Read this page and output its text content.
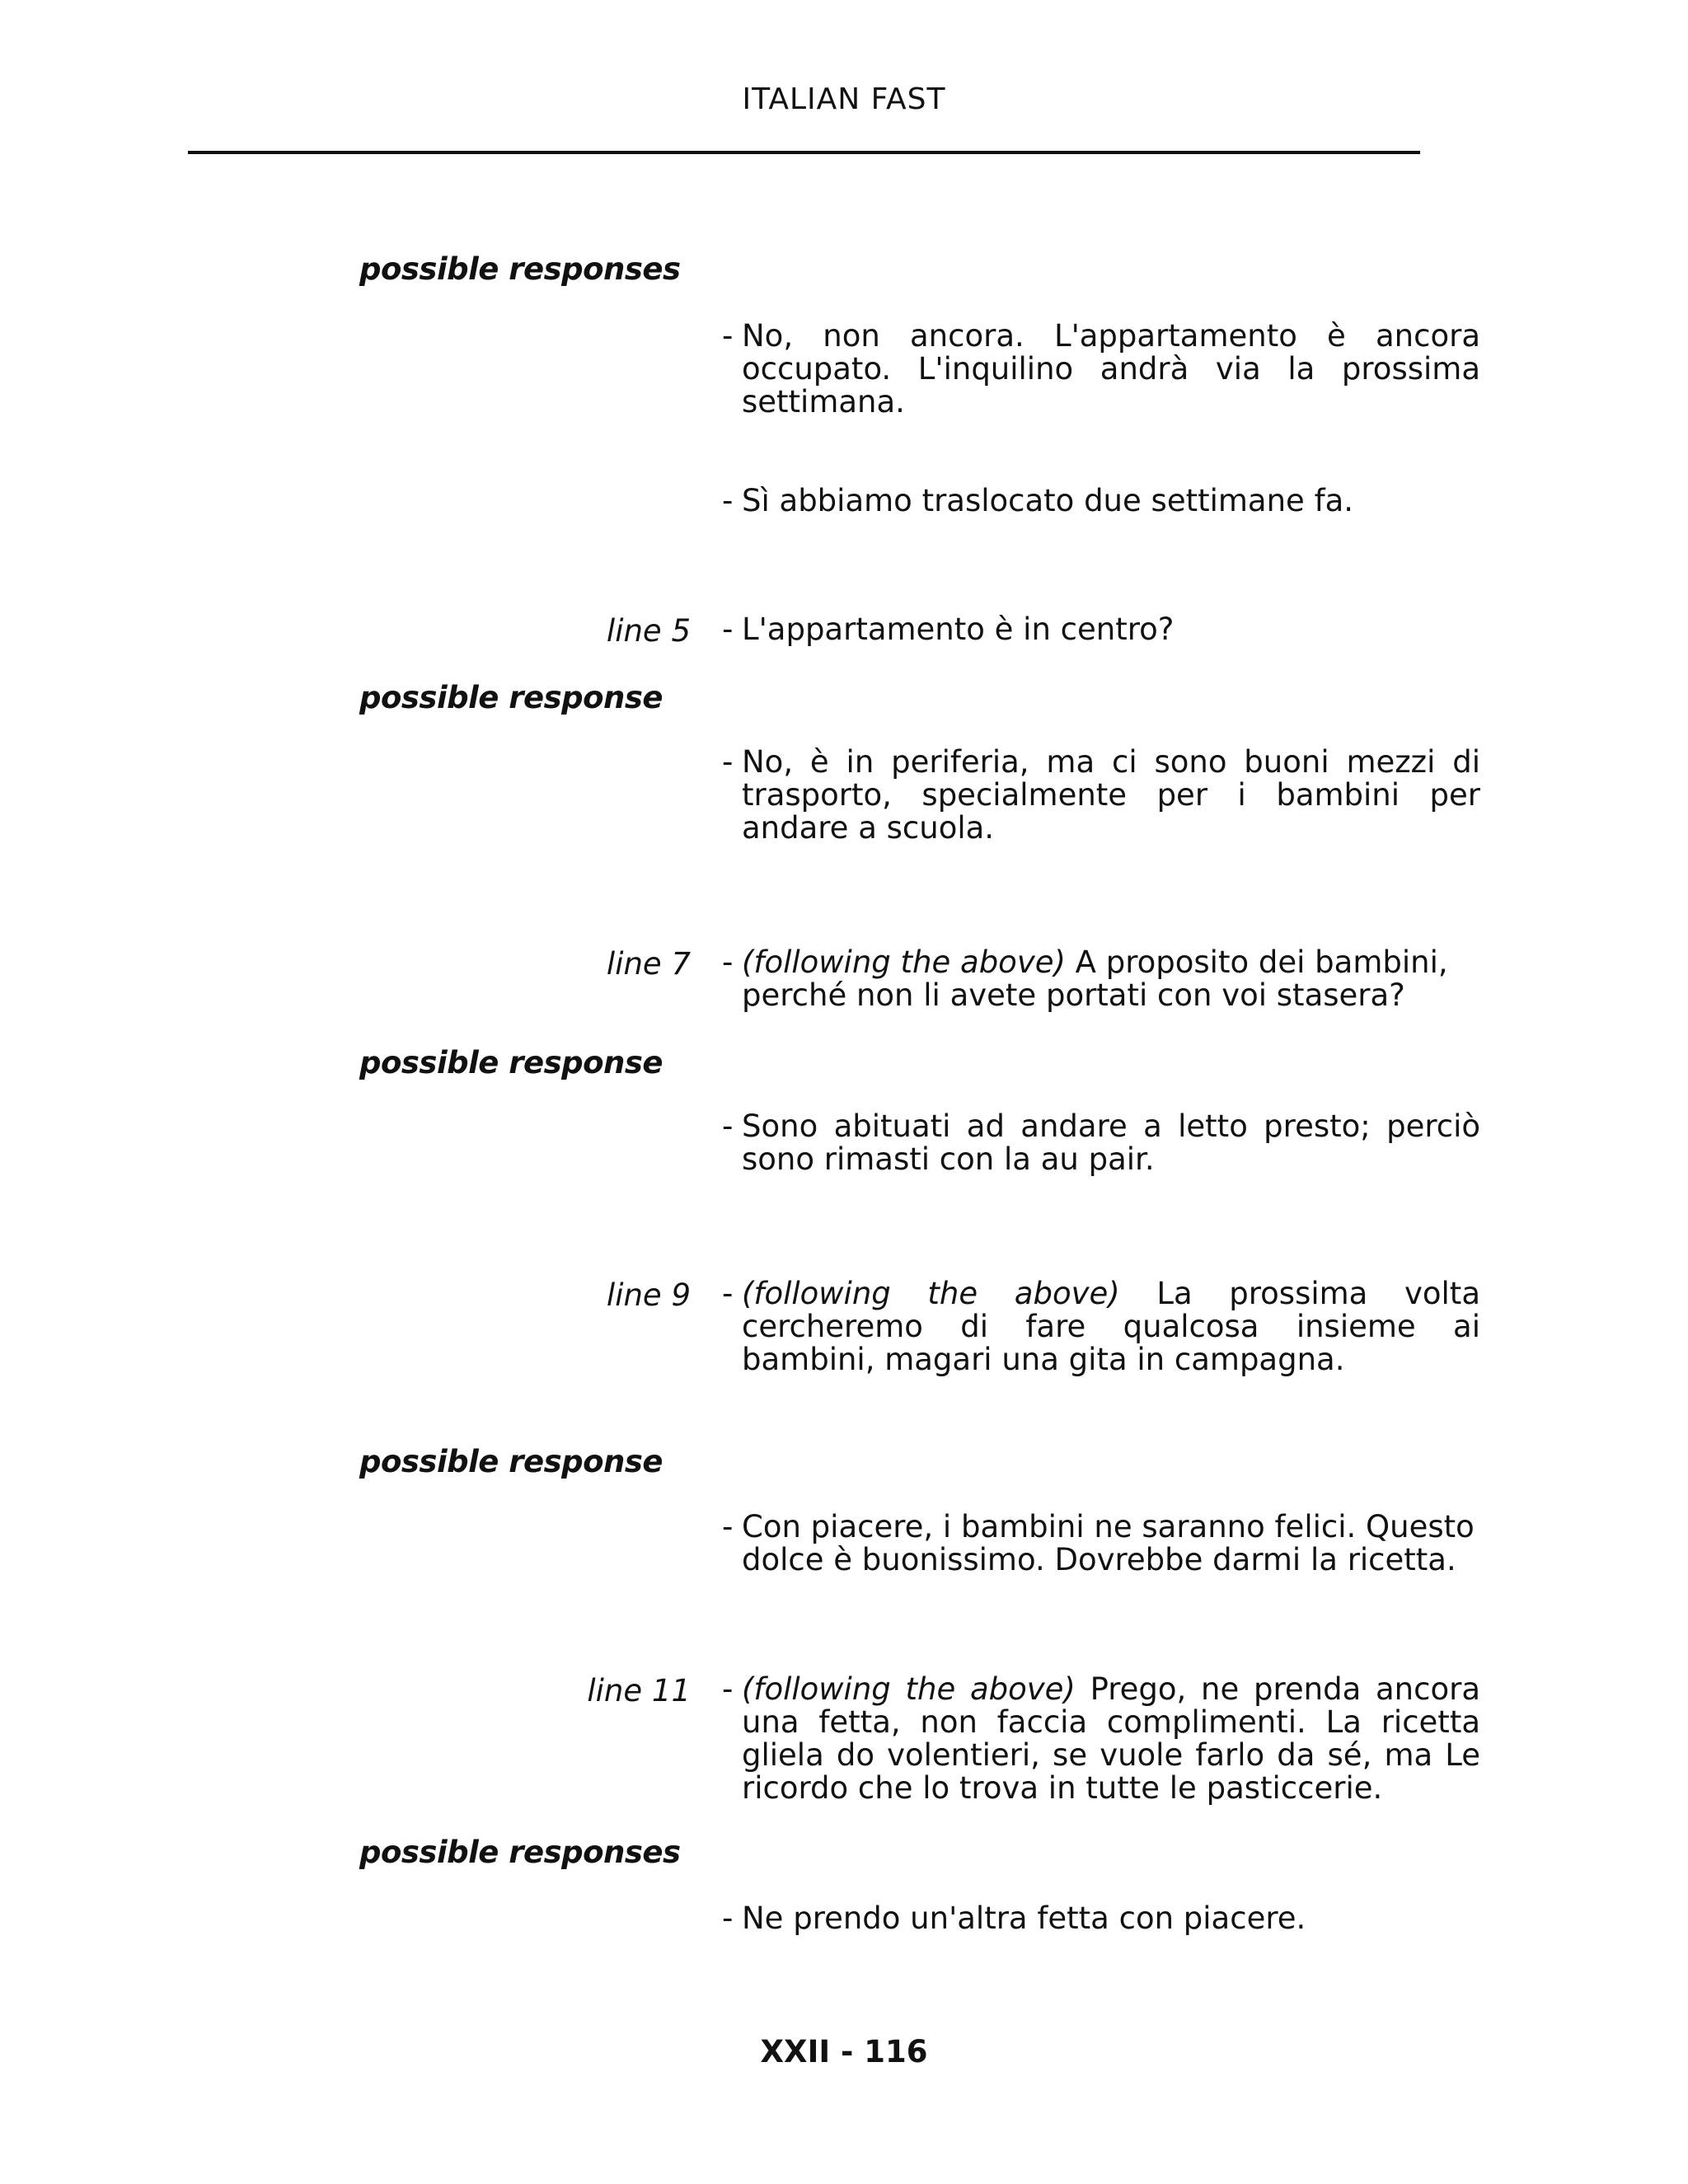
ITALIAN FAST
possible responses
- No, non ancora. L'appartamento è ancora occupato. L'inquilino andrà via la prossima settimana.
- Sì abbiamo traslocato due settimane fa.
line 5 - L'appartamento è in centro?
possible response
- No, è in periferia, ma ci sono buoni mezzi di trasporto, specialmente per i bambini per andare a scuola.
line 7 - (following the above) A proposito dei bambini, perché non li avete portati con voi stasera?
possible response
- Sono abituati ad andare a letto presto; perciò sono rimasti con la au pair.
line 9 - (following the above) La prossima volta cercheremo di fare qualcosa insieme ai bambini, magari una gita in campagna.
possible response
- Con piacere, i bambini ne saranno felici. Questo dolce è buonissimo. Dovrebbe darmi la ricetta.
line 11 - (following the above) Prego, ne prenda ancora una fetta, non faccia complimenti. La ricetta gliela do volentieri, se vuole farlo da sé, ma Le ricordo che lo trova in tutte le pasticcerie.
possible responses
- Ne prendo un'altra fetta con piacere.
XXII - 116
